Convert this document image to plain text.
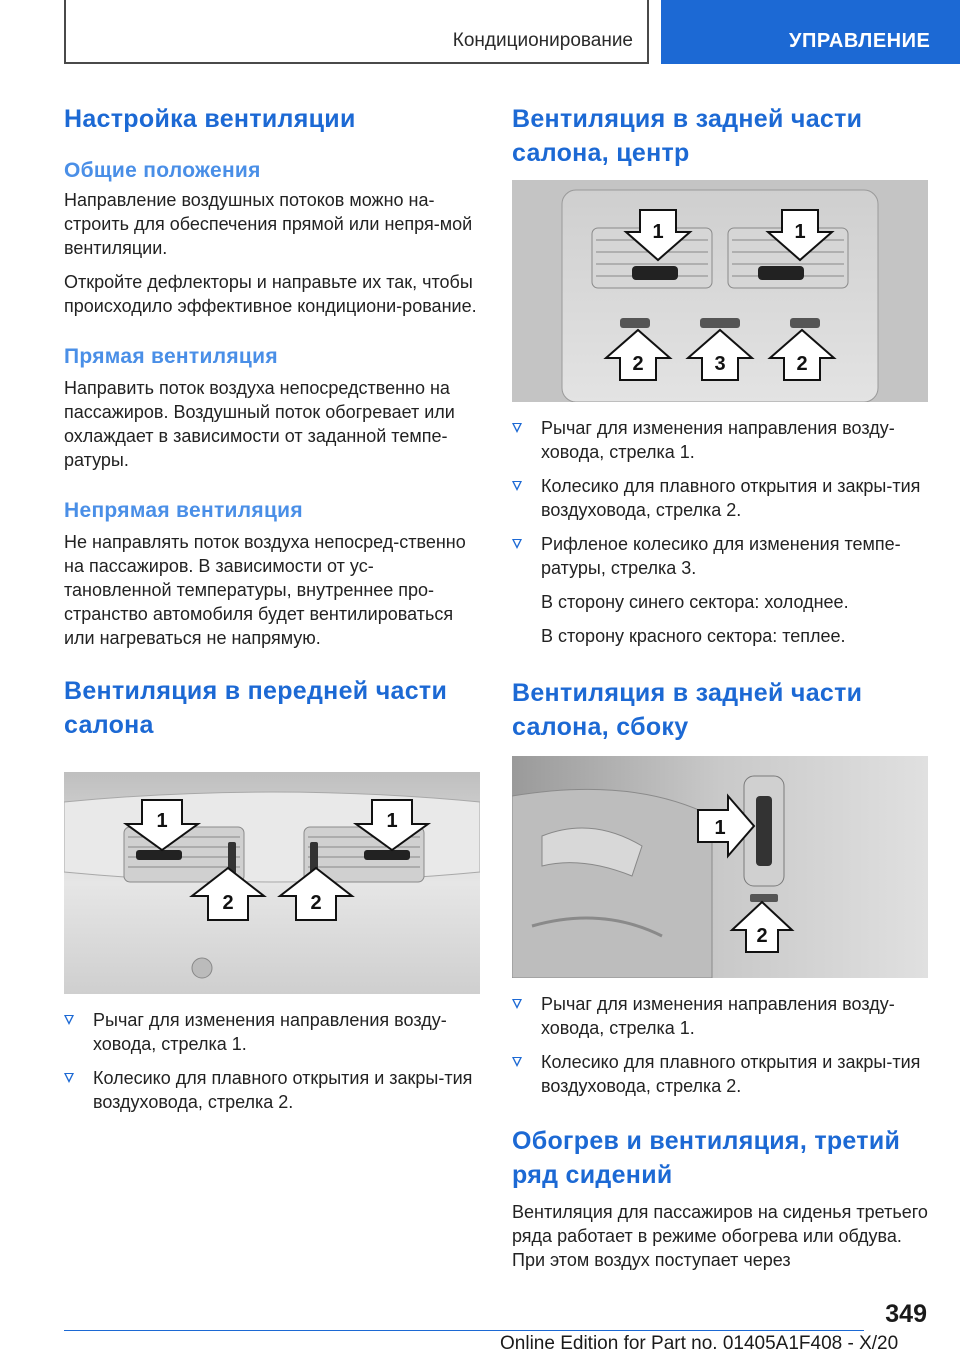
Кондиционирование	УПРАВЛЕНИЕ
Настройка вентиляции
Общие положения

Направление воздушных потоков можно на-строить для обеспечения прямой или непря-мой вентиляции.

Откройте дефлекторы и направьте их так, чтобы происходило эффективное кондициони-рование.

Прямая вентиляция

Направить поток воздуха непосредственно на пассажиров. Воздушный поток обогревает или охлаждает в зависимости от заданной темпе-ратуры.

Непрямая вентиляция

Не направлять поток воздуха непосред-ственно на пассажиров. В зависимости от ус-тановленной температуры, внутреннее про-странство автомобиля будет вентилироваться или нагреваться не напрямую.

Вентиляция в передней части салона
1	1
2	2
Рычаг для изменения направления возду-ховода, стрелка 1.
Колесико для плавного открытия и закры-тия воздуховода, стрелка 2.
Вентиляция в задней части салона, центр
1	1
2	3	2
Рычаг для изменения направления возду-ховода, стрелка 1.
Колесико для плавного открытия и закры-тия воздуховода, стрелка 2.
Рифленое колесико для изменения темпе-ратуры, стрелка 3.
В сторону синего сектора: холоднее.
В сторону красного сектора: теплее.
Вентиляция в задней части салона, сбоку
1
2
Рычаг для изменения направления возду-ховода, стрелка 1.
Колесико для плавного открытия и закры-тия воздуховода, стрелка 2.
Обогрев и вентиляция, третий ряд сидений

Вентиляция для пассажиров на сиденья третьего ряда работает в режиме обогрева или обдува. При этом воздух поступает через

349
Online Edition for Part no. 01405A1F408 - X/20
